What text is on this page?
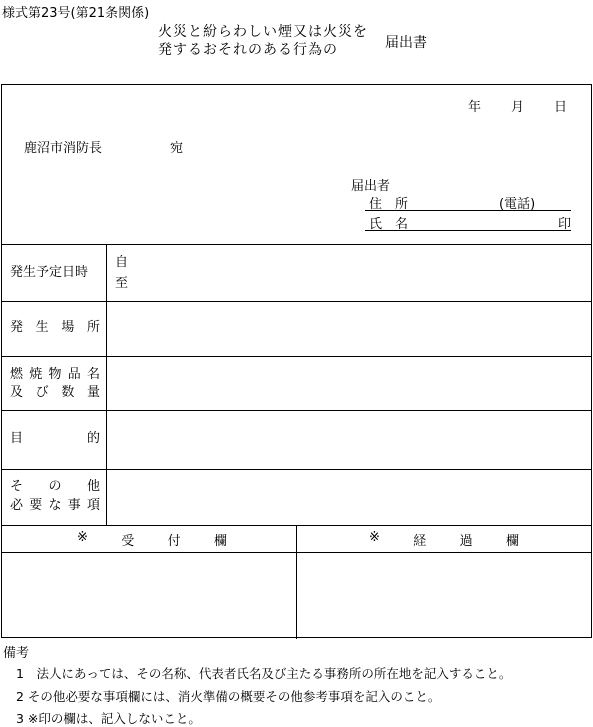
様式第23号(第21条関係)
火災と紛らわしい煙又は火災を
発するおそれのある行為の	届出書
発生予定日時
自
至
発 生 場 所
燃 焼 物 品 名
及 び 数 量
目	的
そ の 他
必 要 な 事 項
※	受	付	欄	※	経	過	欄
年 月 日
鹿沼市消防長	宛
届出者
住　所	(電話)
氏　名	印
備考
1　法人にあっては、その名称、代表者氏名及び主たる事務所の所在地を記入すること。
2 その他必要な事項欄には、消火準備の概要その他参考事項を記入のこと。
3 ※印の欄は、記入しないこと。
